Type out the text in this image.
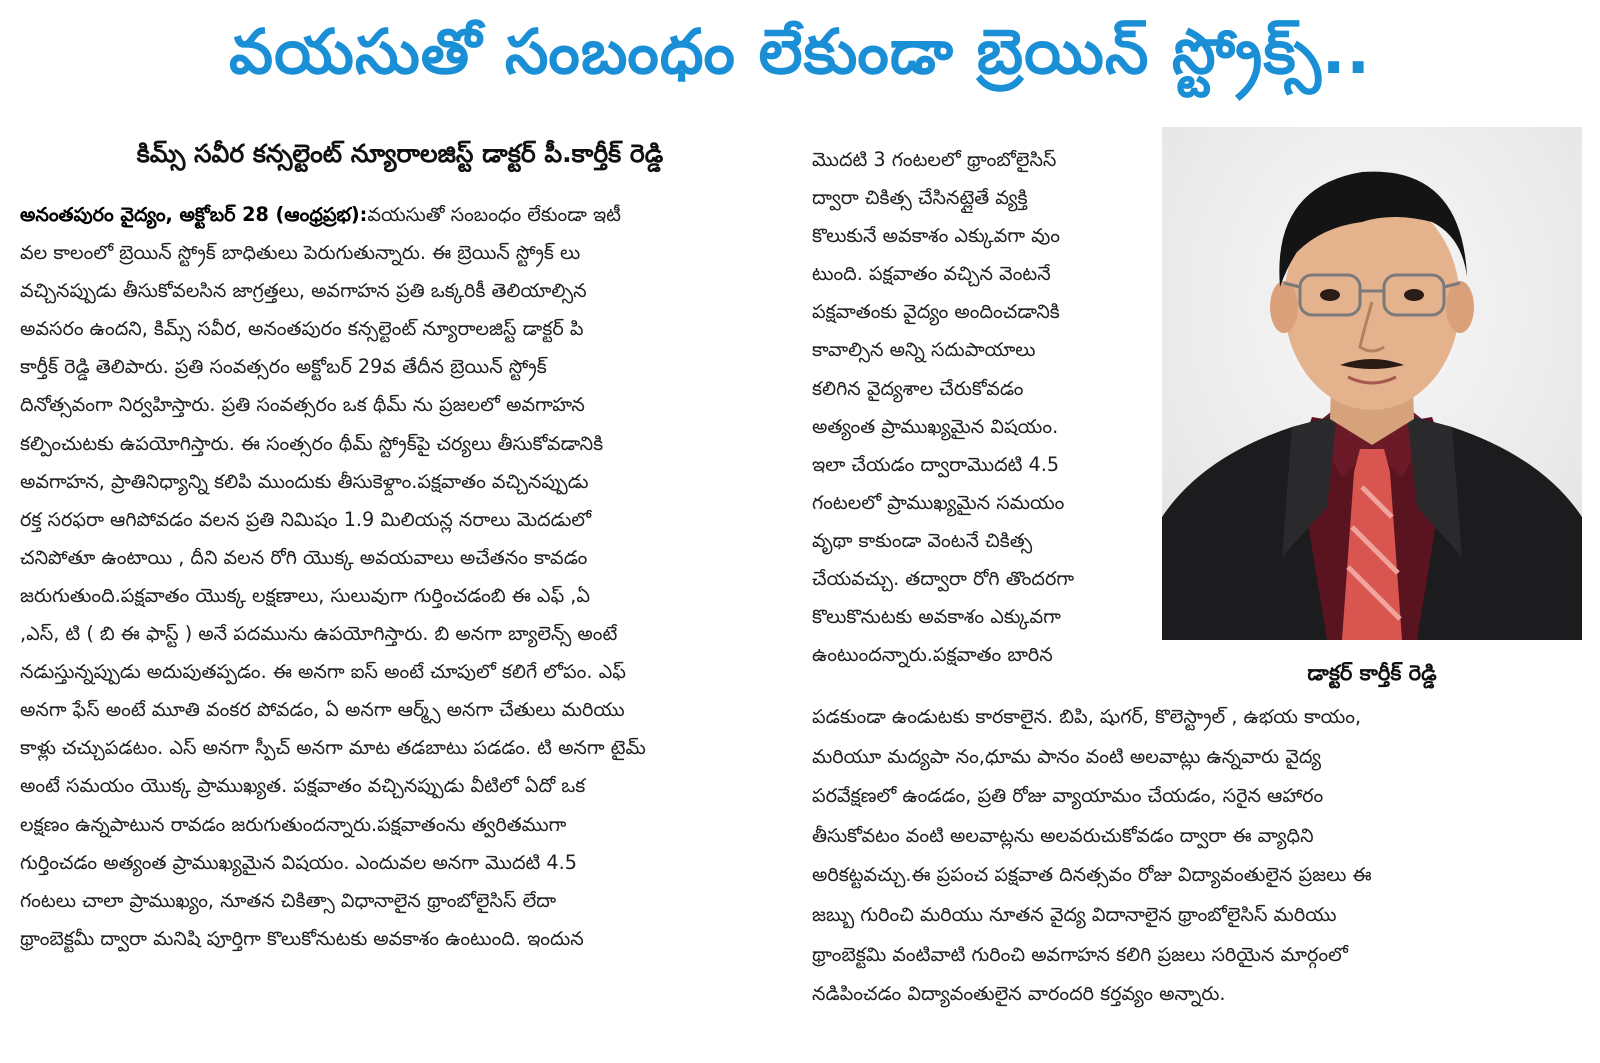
వయసుతో సంబంధం లేకుండా బ్రెయిన్ స్ట్రోక్స్..
కిమ్స్ సవీర కన్సల్టెంట్ న్యూరాలజిస్ట్ డాక్టర్ పీ.కార్తీక్ రెడ్డి
అనంతపురం వైద్యం, అక్టోబర్ 28 (ఆంధ్రప్రభ):వయసుతో సంబంధం లేకుండా ఇటీ
వల కాలంలో బ్రెయిన్ స్ట్రోక్ బాధితులు పెరుగుతున్నారు. ఈ బ్రెయిన్ స్ట్రోక్ లు
వచ్చినప్పుడు తీసుకోవలసిన జాగ్రత్తలు, అవగాహన ప్రతి ఒక్కరికీ తెలియాల్సిన
అవసరం ఉందని, కిమ్స్ సవీర, అనంతపురం కన్సల్టెంట్ న్యూరాలజిస్ట్ డాక్టర్ పి
కార్తీక్ రెడ్డి తెలిపారు. ప్రతి సంవత్సరం అక్టోబర్ 29వ తేదీన బ్రెయిన్ స్ట్రోక్
దినోత్సవంగా నిర్వహిస్తారు. ప్రతి సంవత్సరం ఒక థీమ్ ను ప్రజలలో అవగాహన
కల్పించుటకు ఉపయోగిస్తారు. ఈ సంత్సరం థీమ్ స్ట్రోక్‌పై చర్యలు తీసుకోవడానికి
అవగాహన, ప్రాతినిధ్యాన్ని కలిపి ముందుకు తీసుకెళ్దాం.పక్షవాతం వచ్చినప్పుడు
రక్త సరఫరా ఆగిపోవడం వలన ప్రతి నిమిషం 1.9 మిలియన్ల నరాలు మెదడులో
చనిపోతూ ఉంటాయి , దీని వలన రోగి యొక్క అవయవాలు అచేతనం కావడం
జరుగుతుంది.పక్షవాతం యొక్క లక్షణాలు, సులువుగా గుర్తించడంబి ఈ ఎఫ్ ,ఏ
,ఎస్, టి ( బి ఈ ఫాస్ట్ ) అనే పదమును ఉపయోగిస్తారు. బి అనగా బ్యాలెన్స్ అంటే
నడుస్తున్నప్పుడు అదుపుతప్పడం. ఈ అనగా ఐస్ అంటే చూపులో కలిగే లోపం. ఎఫ్
అనగా ఫేస్ అంటే మూతి వంకర పోవడం, ఏ అనగా ఆర్మ్స్ అనగా చేతులు మరియు
కాళ్లు చచ్చుపడటం. ఎస్ అనగా స్పీచ్ అనగా మాట తడబాటు పడడం. టి అనగా టైమ్
అంటే సమయం యొక్క ప్రాముఖ్యత. పక్షవాతం వచ్చినప్పుడు వీటిలో ఏదో ఒక
లక్షణం ఉన్నపాటున రావడం జరుగుతుందన్నారు.పక్షవాతంను త్వరితముగా
గుర్తించడం అత్యంత ప్రాముఖ్యమైన విషయం. ఎందువల అనగా మొదటి 4.5
గంటలు చాలా ప్రాముఖ్యం, నూతన చికిత్సా విధానాలైన థ్రాంబోలైసిస్ లేదా
థ్రాంబెక్టమీ ద్వారా మనిషి పూర్తిగా కొలుకోనుటకు అవకాశం ఉంటుంది. ఇందున
మొదటి 3 గంటలలో థ్రాంబోలైసిస్
ద్వారా చికిత్స చేసినట్లైతే వ్యక్తి
కొలుకునే అవకాశం ఎక్కువగా వుం
టుంది. పక్షవాతం వచ్చిన వెంటనే
పక్షవాతంకు వైద్యం అందించడానికి
కావాల్సిన అన్ని సదుపాయాలు
కలిగిన వైద్యశాల చేరుకోవడం
అత్యంత ప్రాముఖ్యమైన విషయం.
ఇలా చేయడం ద్వారామొదటి 4.5
గంటలలో ప్రాముఖ్యమైన సమయం
వృథా కాకుండా వెంటనే చికిత్స
చేయవచ్చు. తద్వారా రోగి తొందరగా
కొలుకొనుటకు అవకాశం ఎక్కువగా
ఉంటుందన్నారు.పక్షవాతం బారిన
డాక్టర్ కార్తీక్ రెడ్డి
పడకుండా ఉండుటకు కారకాలైన. బిపి, షుగర్, కొలెస్ట్రాల్ , ఉభయ కాయం,
మరియూ మద్యపా నం,ధూమ పానం వంటి అలవాట్లు ఉన్నవారు వైద్య
పరవేక్షణలో ఉండడం, ప్రతి రోజు వ్యాయామం చేయడం, సరైన ఆహారం
తీసుకోవటం వంటి అలవాట్లను అలవరుచుకోవడం ద్వారా ఈ వ్యాధిని
అరికట్టవచ్చు.ఈ ప్రపంచ పక్షవాత దినత్సవం రోజు విద్యావంతులైన ప్రజలు ఈ
జబ్బు గురించి మరియు నూతన వైద్య విదానాలైన థ్రాంబోలైసిస్ మరియు
థ్రాంబెక్టమి వంటివాటి గురించి అవగాహన కలిగి ప్రజలు సరియైన మార్గంలో
నడిపించడం విద్యావంతులైన వారందరి కర్తవ్యం అన్నారు.
